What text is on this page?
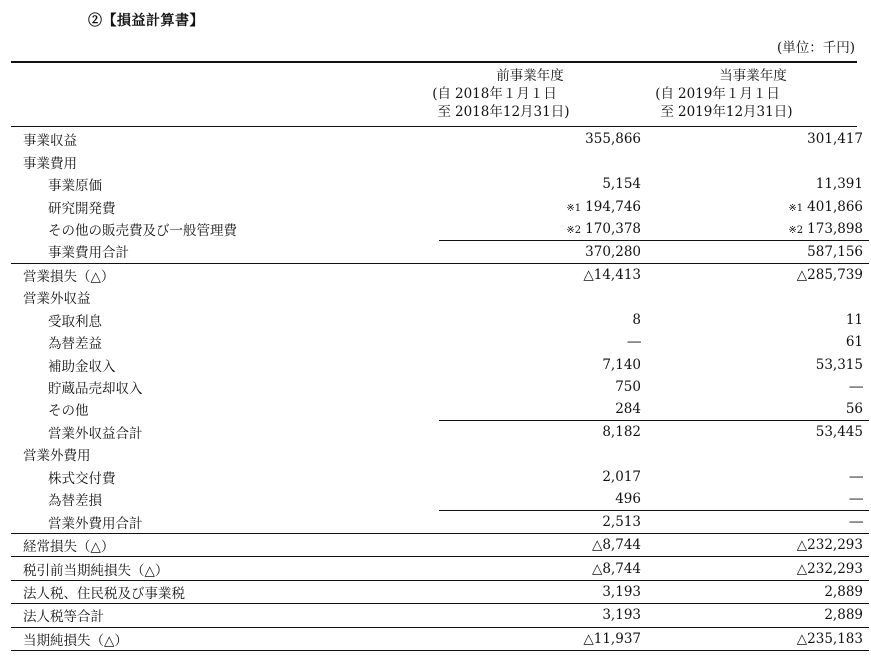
②【損益計算書】
(単位：千円)
前事業年度
(自 2018年１月１日
至 2018年12月31日)
当事業年度
(自 2019年１月１日
至 2019年12月31日)
事業収益	355,866	301,417
事業費用		
事業原価	5,154	11,391
研究開発費	※1 194,746	※1 401,866
その他の販売費及び一般管理費	※2 170,378	※2 173,898
事業費用合計	370,280	587,156
営業損失（△）	△14,413	△285,739
営業外収益		
受取利息	8	11
為替差益	―	61
補助金収入	7,140	53,315
貯蔵品売却収入	750	―
その他	284	56
営業外収益合計	8,182	53,445
営業外費用		
株式交付費	2,017	―
為替差損	496	―
営業外費用合計	2,513	―
経常損失（△）	△8,744	△232,293
税引前当期純損失（△）	△8,744	△232,293
法人税、住民税及び事業税	3,193	2,889
法人税等合計	3,193	2,889
当期純損失（△）	△11,937	△235,183
